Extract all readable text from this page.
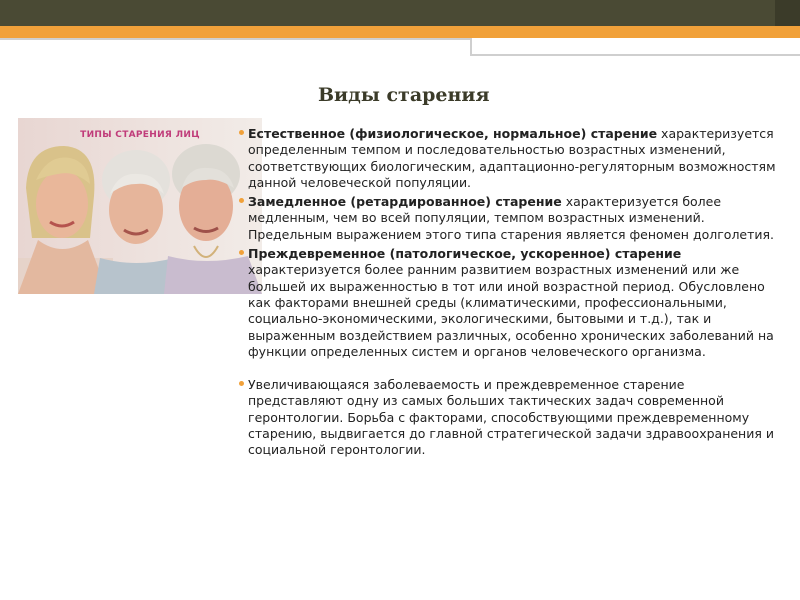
Виды старения
ТИПЫ СТАРЕНИЯ ЛИЦ	Естественное (физиологическое, нормальное) старение характеризуется определенным темпом и последовательностью возрастных изменений, соответствующих биологическим, адаптационно-регуляторным возможностям данной человеческой популяции.

Замедленное (ретардированное) старение характеризуется более медленным, чем во всей популяции, темпом возрастных изменений. Предельным выражением этого типа старения является феномен долголетия.

Преждевременное (патологическое, ускоренное) старение характеризуется более ранним развитием возрастных изменений или же большей их выраженностью в тот или иной возрастной период. Обусловлено как факторами внешней среды (климатическими, профессиональными, социально-экономическими, экологическими, бытовыми и т.д.), так и выраженным воздействием различных, особенно хронических заболеваний на функции определенных систем и органов человеческого организма.

Увеличивающаяся заболеваемость и преждевременное старение представляют одну из самых больших тактических задач современной геронтологии. Борьба с факторами, способствующими преждевременному старению, выдвигается до главной стратегической задачи здравоохранения и социальной геронтологии.
